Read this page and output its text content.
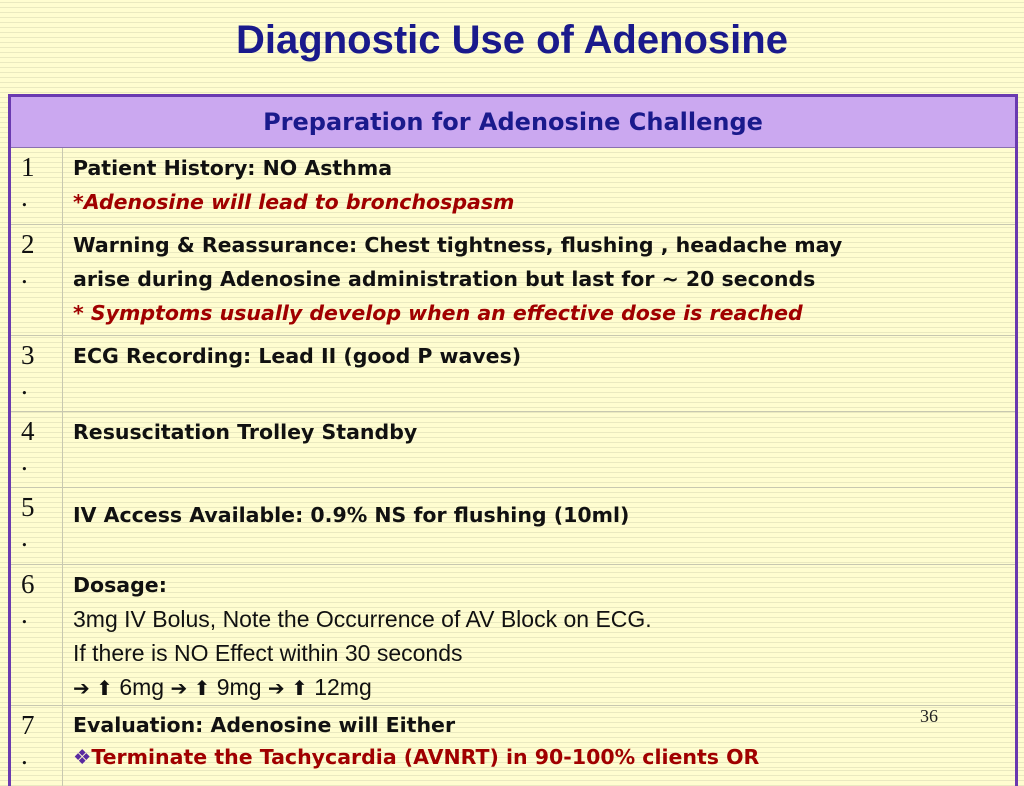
Diagnostic Use of Adenosine
Preparation for Adenosine Challenge
1
.
Patient History: NO Asthma
*Adenosine will lead to bronchospasm
2
.
Warning & Reassurance: Chest tightness, flushing , headache may
arise during Adenosine administration but last for ~ 20 seconds
* Symptoms usually develop when an effective dose is reached
3
.
ECG Recording: Lead II (good P waves)
4
.
Resuscitation Trolley Standby
5
.
IV Access Available: 0.9% NS for flushing (10ml)
6
.
Dosage:
3mg IV Bolus, Note the Occurrence of AV Block on ECG.
If there is NO Effect within 30 seconds
➔ ⬆ 6mg ➔ ⬆ 9mg ➔ ⬆ 12mg
7
.
Evaluation: Adenosine will Either
❖Terminate the Tachycardia (AVNRT) in 90-100% clients OR
36
